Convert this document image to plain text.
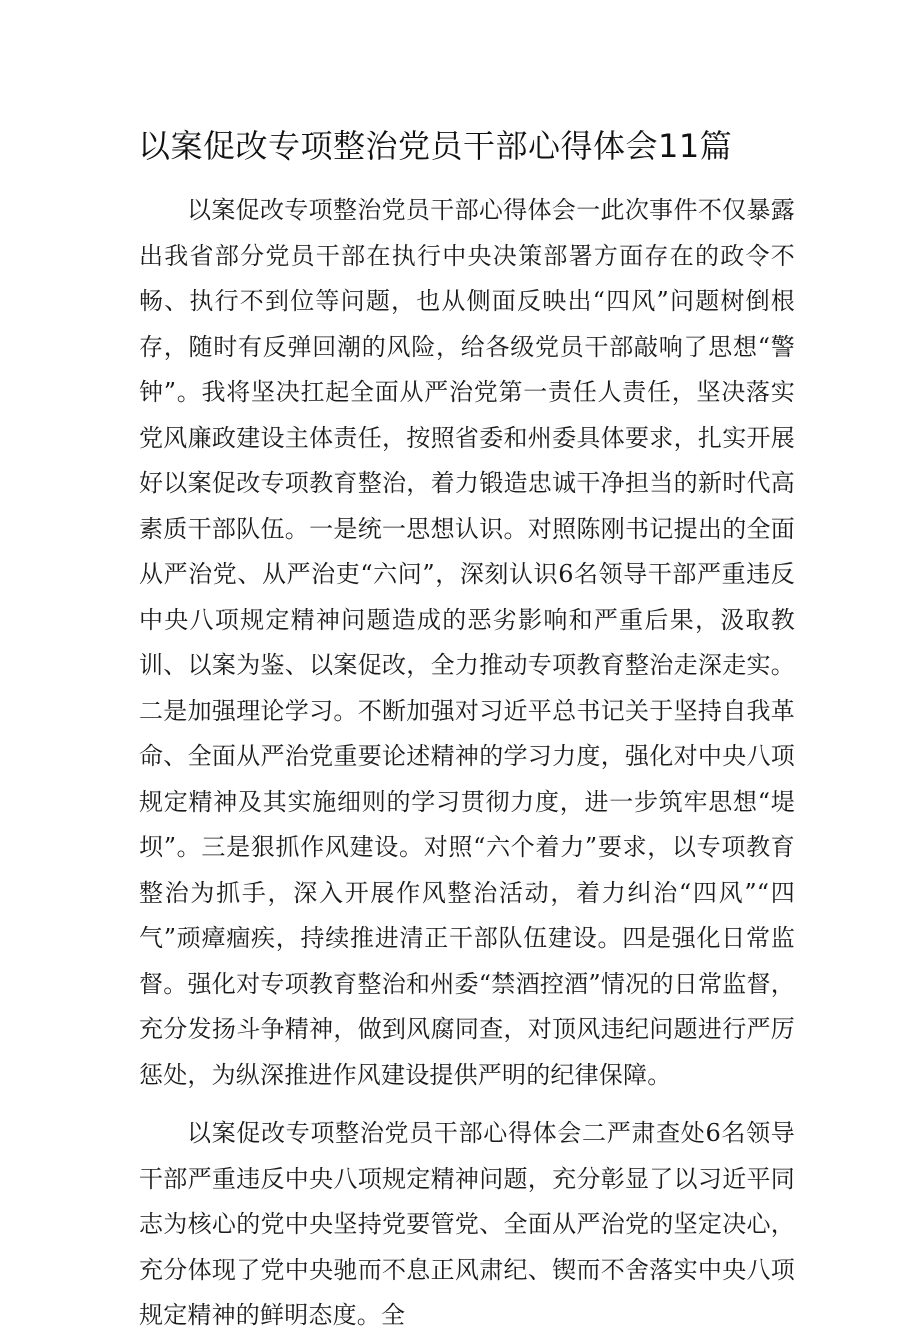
以案促改专项整治党员干部心得体会11篇

以案促改专项整治党员干部心得体会一此次事件不仅暴露出我省部分党员干部在执行中央决策部署方面存在的政令不畅、执行不到位等问题，也从侧面反映出“四风”问题树倒根存，随时有反弹回潮的风险，给各级党员干部敲响了思想“警钟”。我将坚决扛起全面从严治党第一责任人责任，坚决落实党风廉政建设主体责任，按照省委和州委具体要求，扎实开展好以案促改专项教育整治，着力锻造忠诚干净担当的新时代高素质干部队伍。一是统一思想认识。对照陈刚书记提出的全面从严治党、从严治吏“六问”，深刻认识6名领导干部严重违反中央八项规定精神问题造成的恶劣影响和严重后果，汲取教训、以案为鉴、以案促改，全力推动专项教育整治走深走实。二是加强理论学习。不断加强对习近平总书记关于坚持自我革命、全面从严治党重要论述精神的学习力度，强化对中央八项规定精神及其实施细则的学习贯彻力度，进一步筑牢思想“堤坝”。三是狠抓作风建设。对照“六个着力”要求，以专项教育整治为抓手，深入开展作风整治活动，着力纠治“四风”“四气”顽瘴痼疾，持续推进清正干部队伍建设。四是强化日常监督。强化对专项教育整治和州委“禁酒控酒”情况的日常监督，充分发扬斗争精神，做到风腐同查，对顶风违纪问题进行严厉惩处，为纵深推进作风建设提供严明的纪律保障。

以案促改专项整治党员干部心得体会二严肃查处6名领导干部严重违反中央八项规定精神问题，充分彰显了以习近平同志为核心的党中央坚持党要管党、全面从严治党的坚定决心，充分体现了党中央驰而不息正风肃纪、锲而不舍落实中央八项规定精神的鲜明态度。全
